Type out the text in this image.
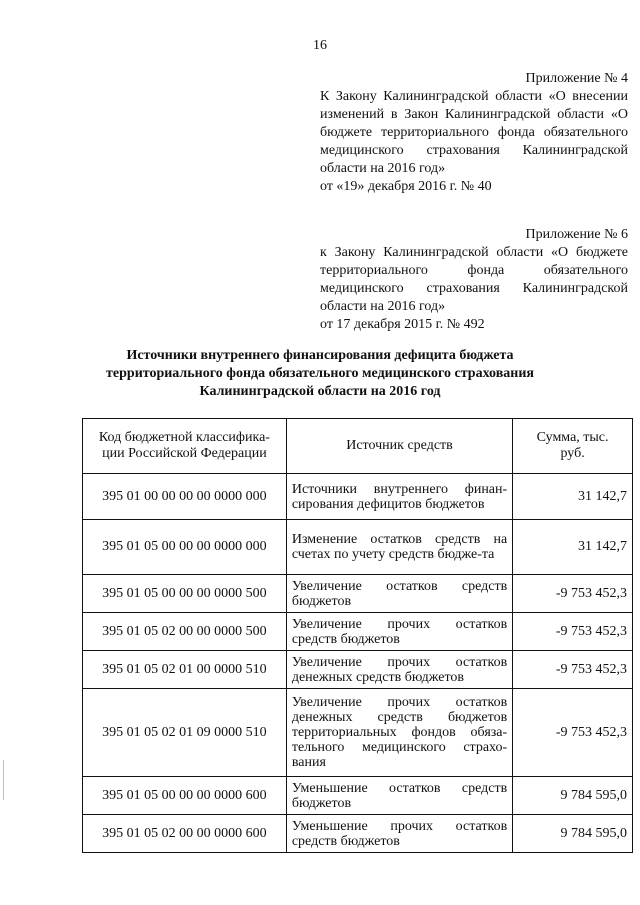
16
Приложение № 4
К Закону Калининградской области «О внесении изменений в Закон Калининградской области «О бюджете территориального фонда обязательного медицинского страхования Калининградской области на 2016 год»
от «19» декабря 2016 г. № 40
Приложение № 6
к Закону Калининградской области «О бюджете территориального фонда обязательного медицинского страхования Калининградской области на 2016 год»
от 17 декабря 2015 г. № 492
Источники внутреннего финансирования дефицита бюджета территориального фонда обязательного медицинского страхования Калининградской области на 2016 год
Код бюджетной классифика-ции Российской Федерации	Источник средств	Сумма, тыс. руб.
395 01 00 00 00 00 0000 000	Источники внутреннего финан-сирования дефицитов бюджетов	31 142,7
395 01 05 00 00 00 0000 000	Изменение остатков средств на счетах по учету средств бюдже-та	31 142,7
395 01 05 00 00 00 0000 500	Увеличение остатков средств бюджетов	-9 753 452,3
395 01 05 02 00 00 0000 500	Увеличение прочих остатков средств бюджетов	-9 753 452,3
395 01 05 02 01 00 0000 510	Увеличение прочих остатков денежных средств бюджетов	-9 753 452,3
395 01 05 02 01 09 0000 510	Увеличение прочих остатков денежных средств бюджетов территориальных фондов обяза-тельного медицинского страхо-вания	-9 753 452,3
395 01 05 00 00 00 0000 600	Уменьшение остатков средств бюджетов	9 784 595,0
395 01 05 02 00 00 0000 600	Уменьшение прочих остатков средств бюджетов	9 784 595,0
